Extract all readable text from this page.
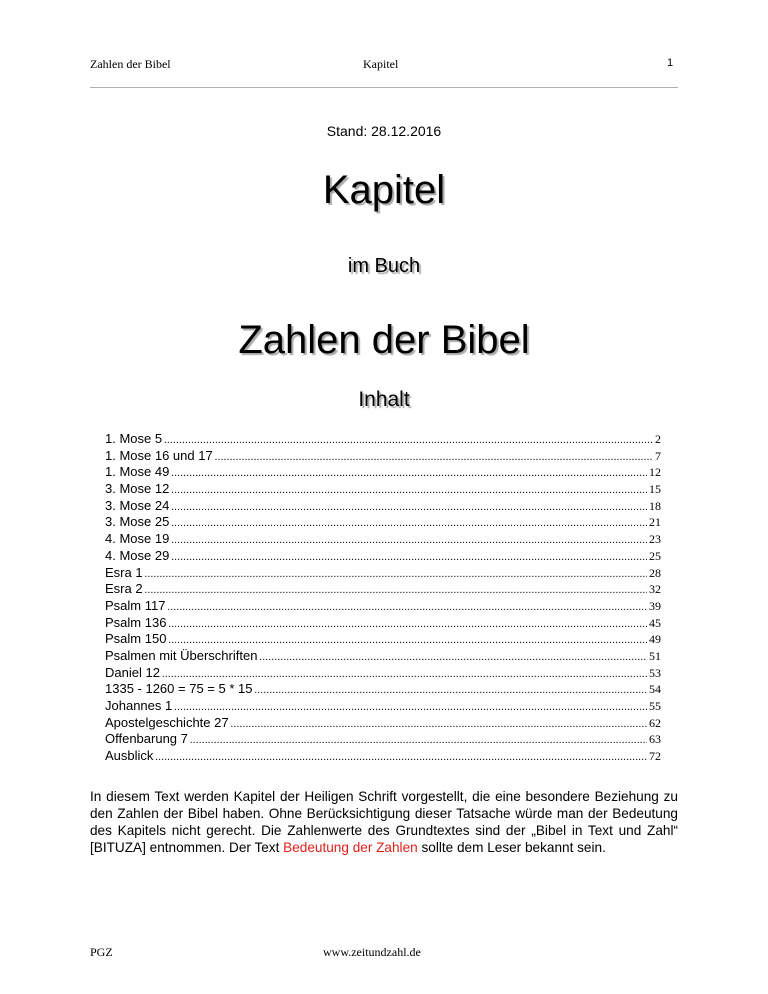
Zahlen der Bibel	Kapitel	1
Stand: 28.12.2016
Kapitel
im Buch
Zahlen der Bibel
Inhalt
1. Mose 5 .....	2
1. Mose 16 und 17 .....	7
1. Mose 49 .....	12
3. Mose 12 .....	15
3. Mose 24 .....	18
3. Mose 25 .....	21
4. Mose 19 .....	23
4. Mose 29 .....	25
Esra 1 .....	28
Esra 2 .....	32
Psalm 117 .....	39
Psalm 136 .....	45
Psalm 150 .....	49
Psalmen mit Überschriften .....	51
Daniel 12 .....	53
1335 - 1260 = 75 = 5 * 15 .....	54
Johannes 1 .....	55
Apostelgeschichte 27 .....	62
Offenbarung 7 .....	63
Ausblick .....	72
In diesem Text werden Kapitel der Heiligen Schrift vorgestellt, die eine besondere Beziehung zu den Zahlen der Bibel haben. Ohne Berücksichtigung dieser Tatsache würde man der Bedeutung des Kapitels nicht gerecht. Die Zahlenwerte des Grundtextes sind der „Bibel in Text und Zahl“ [BITUZA] entnommen. Der Text Bedeutung der Zahlen sollte dem Leser bekannt sein.
PGZ	www.zeitundzahl.de
